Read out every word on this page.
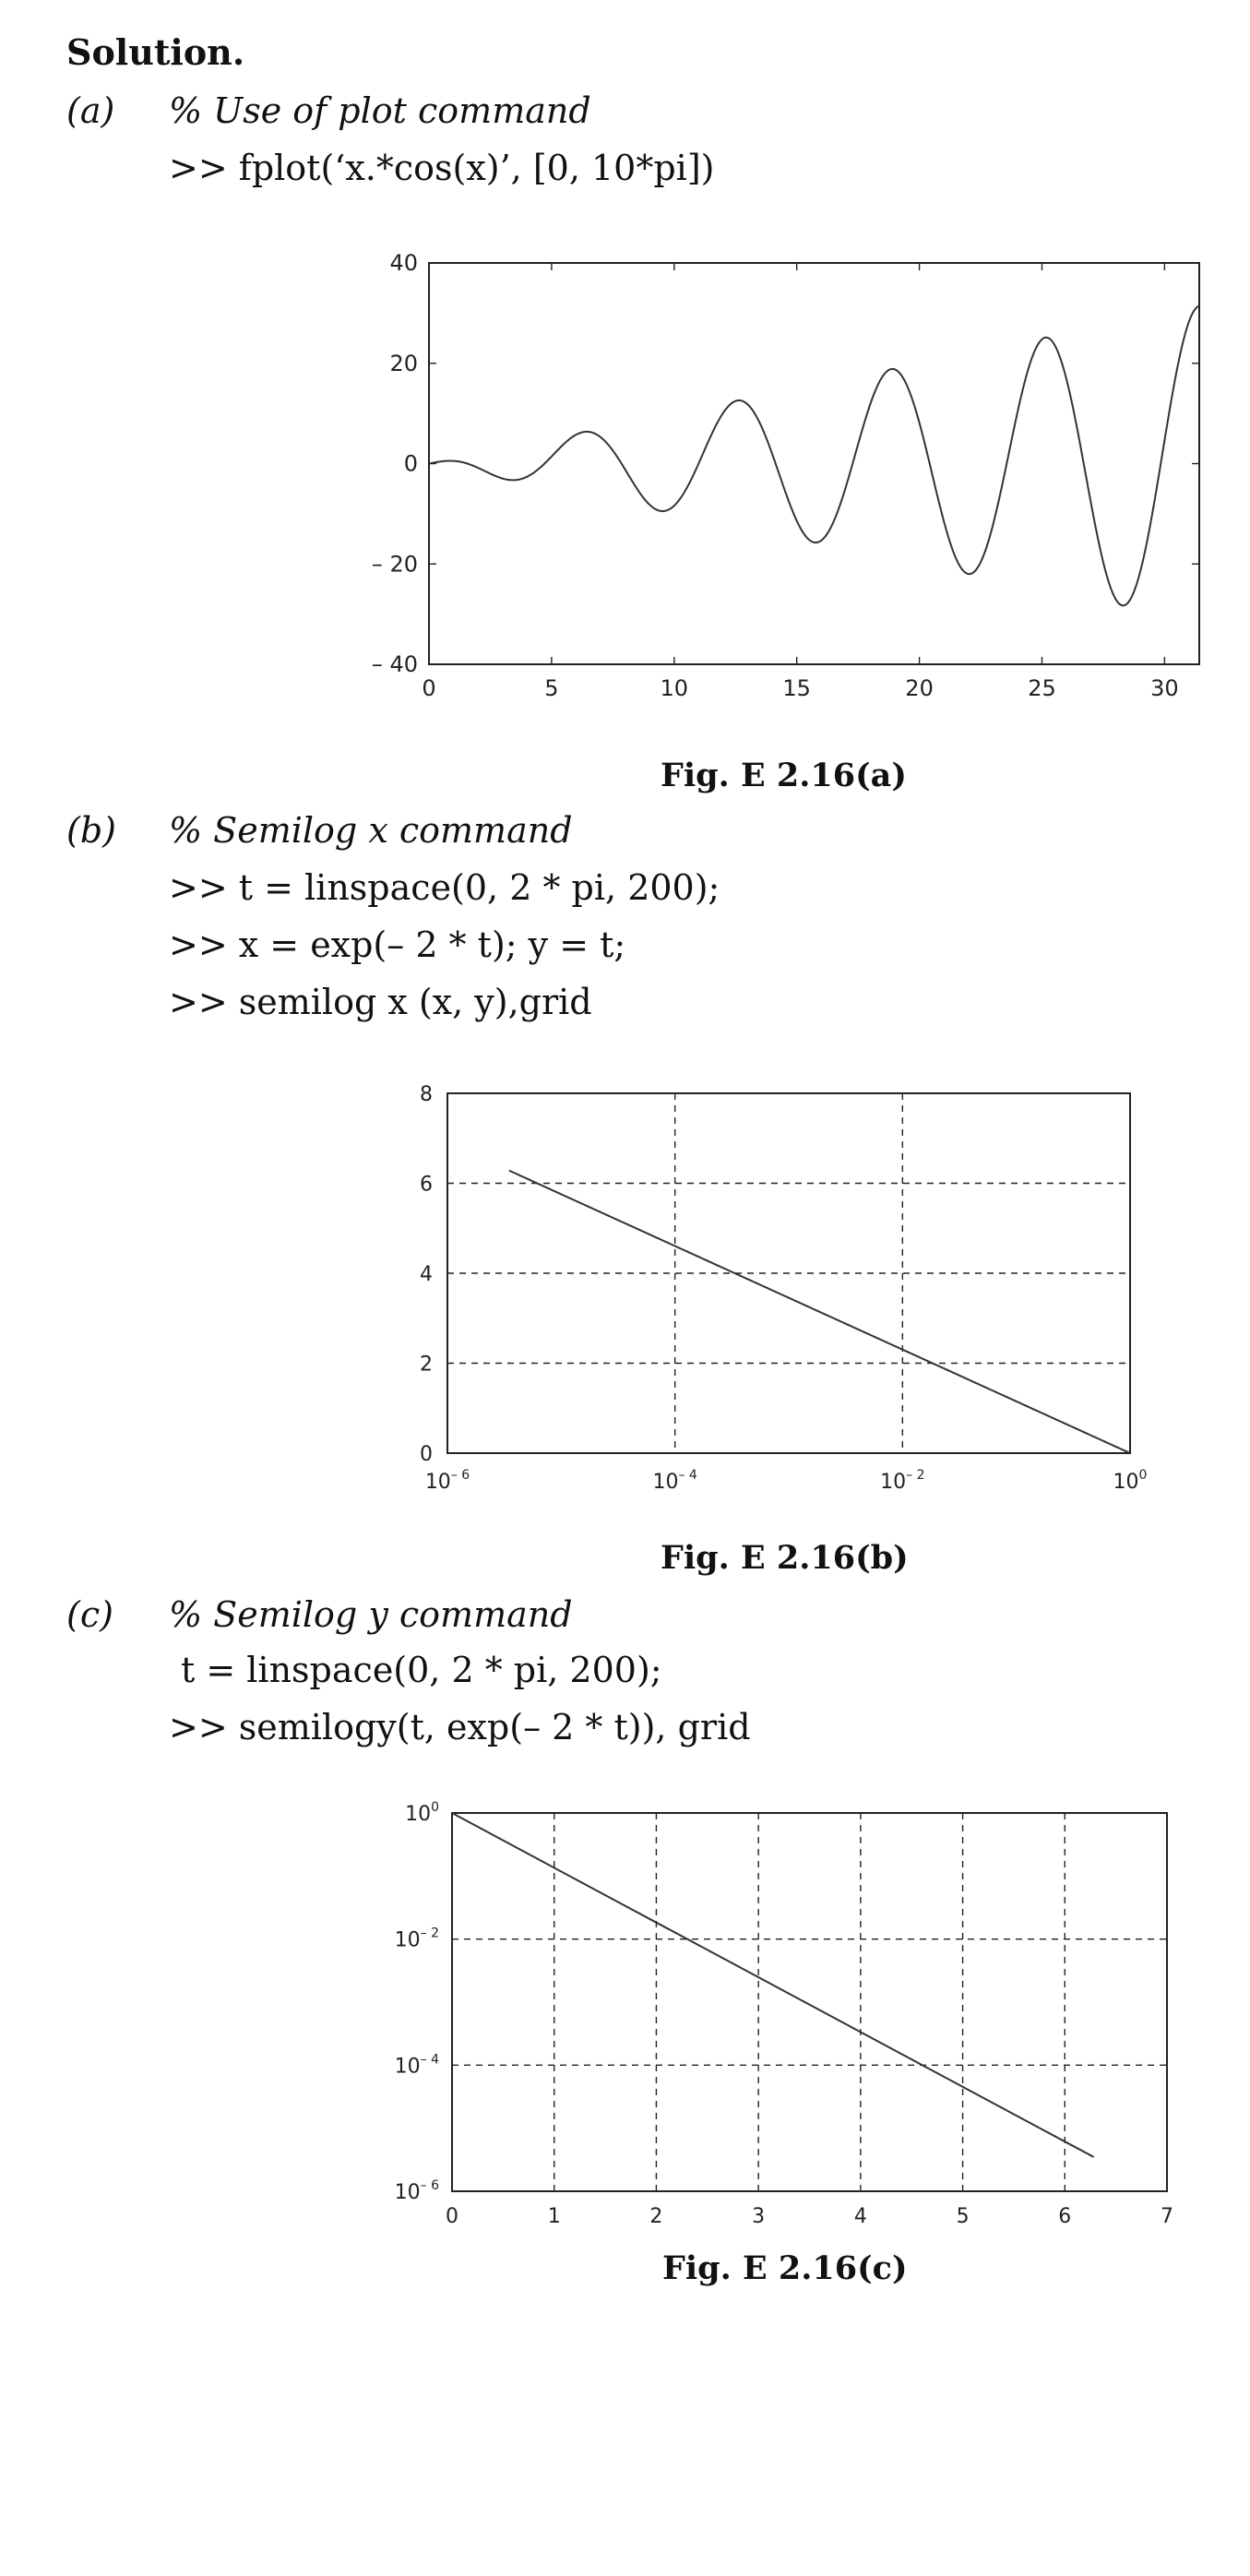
Solution.
(a) % Use of plot command
>> fplot(‘x.*cos(x)’, [0, 10*pi])
0	5	10	15	20	25	30
40
20
0
– 20
– 40
Fig. E 2.16(a)
(b) % Semilog x command
>> t = linspace(0, 2 * pi, 200);
>> x = exp(– 2 * t); y = t;
>> semilog x (x, y),grid
$10^{- 6}$	$10^{- 4}$	$10^{- 2}$	$10^0$
8
6
4
2
0
Fig. E 2.16(b)
(c) % Semilog y command
t = linspace(0, 2 * pi, 200);
>> semilogy(t, exp(– 2 * t)), grid
0	1	2	3	4	5	6	7
$10^0$
$10^{- 2}$
$10^{- 4}$
$10^{- 6}$
Fig. E 2.16(c)
